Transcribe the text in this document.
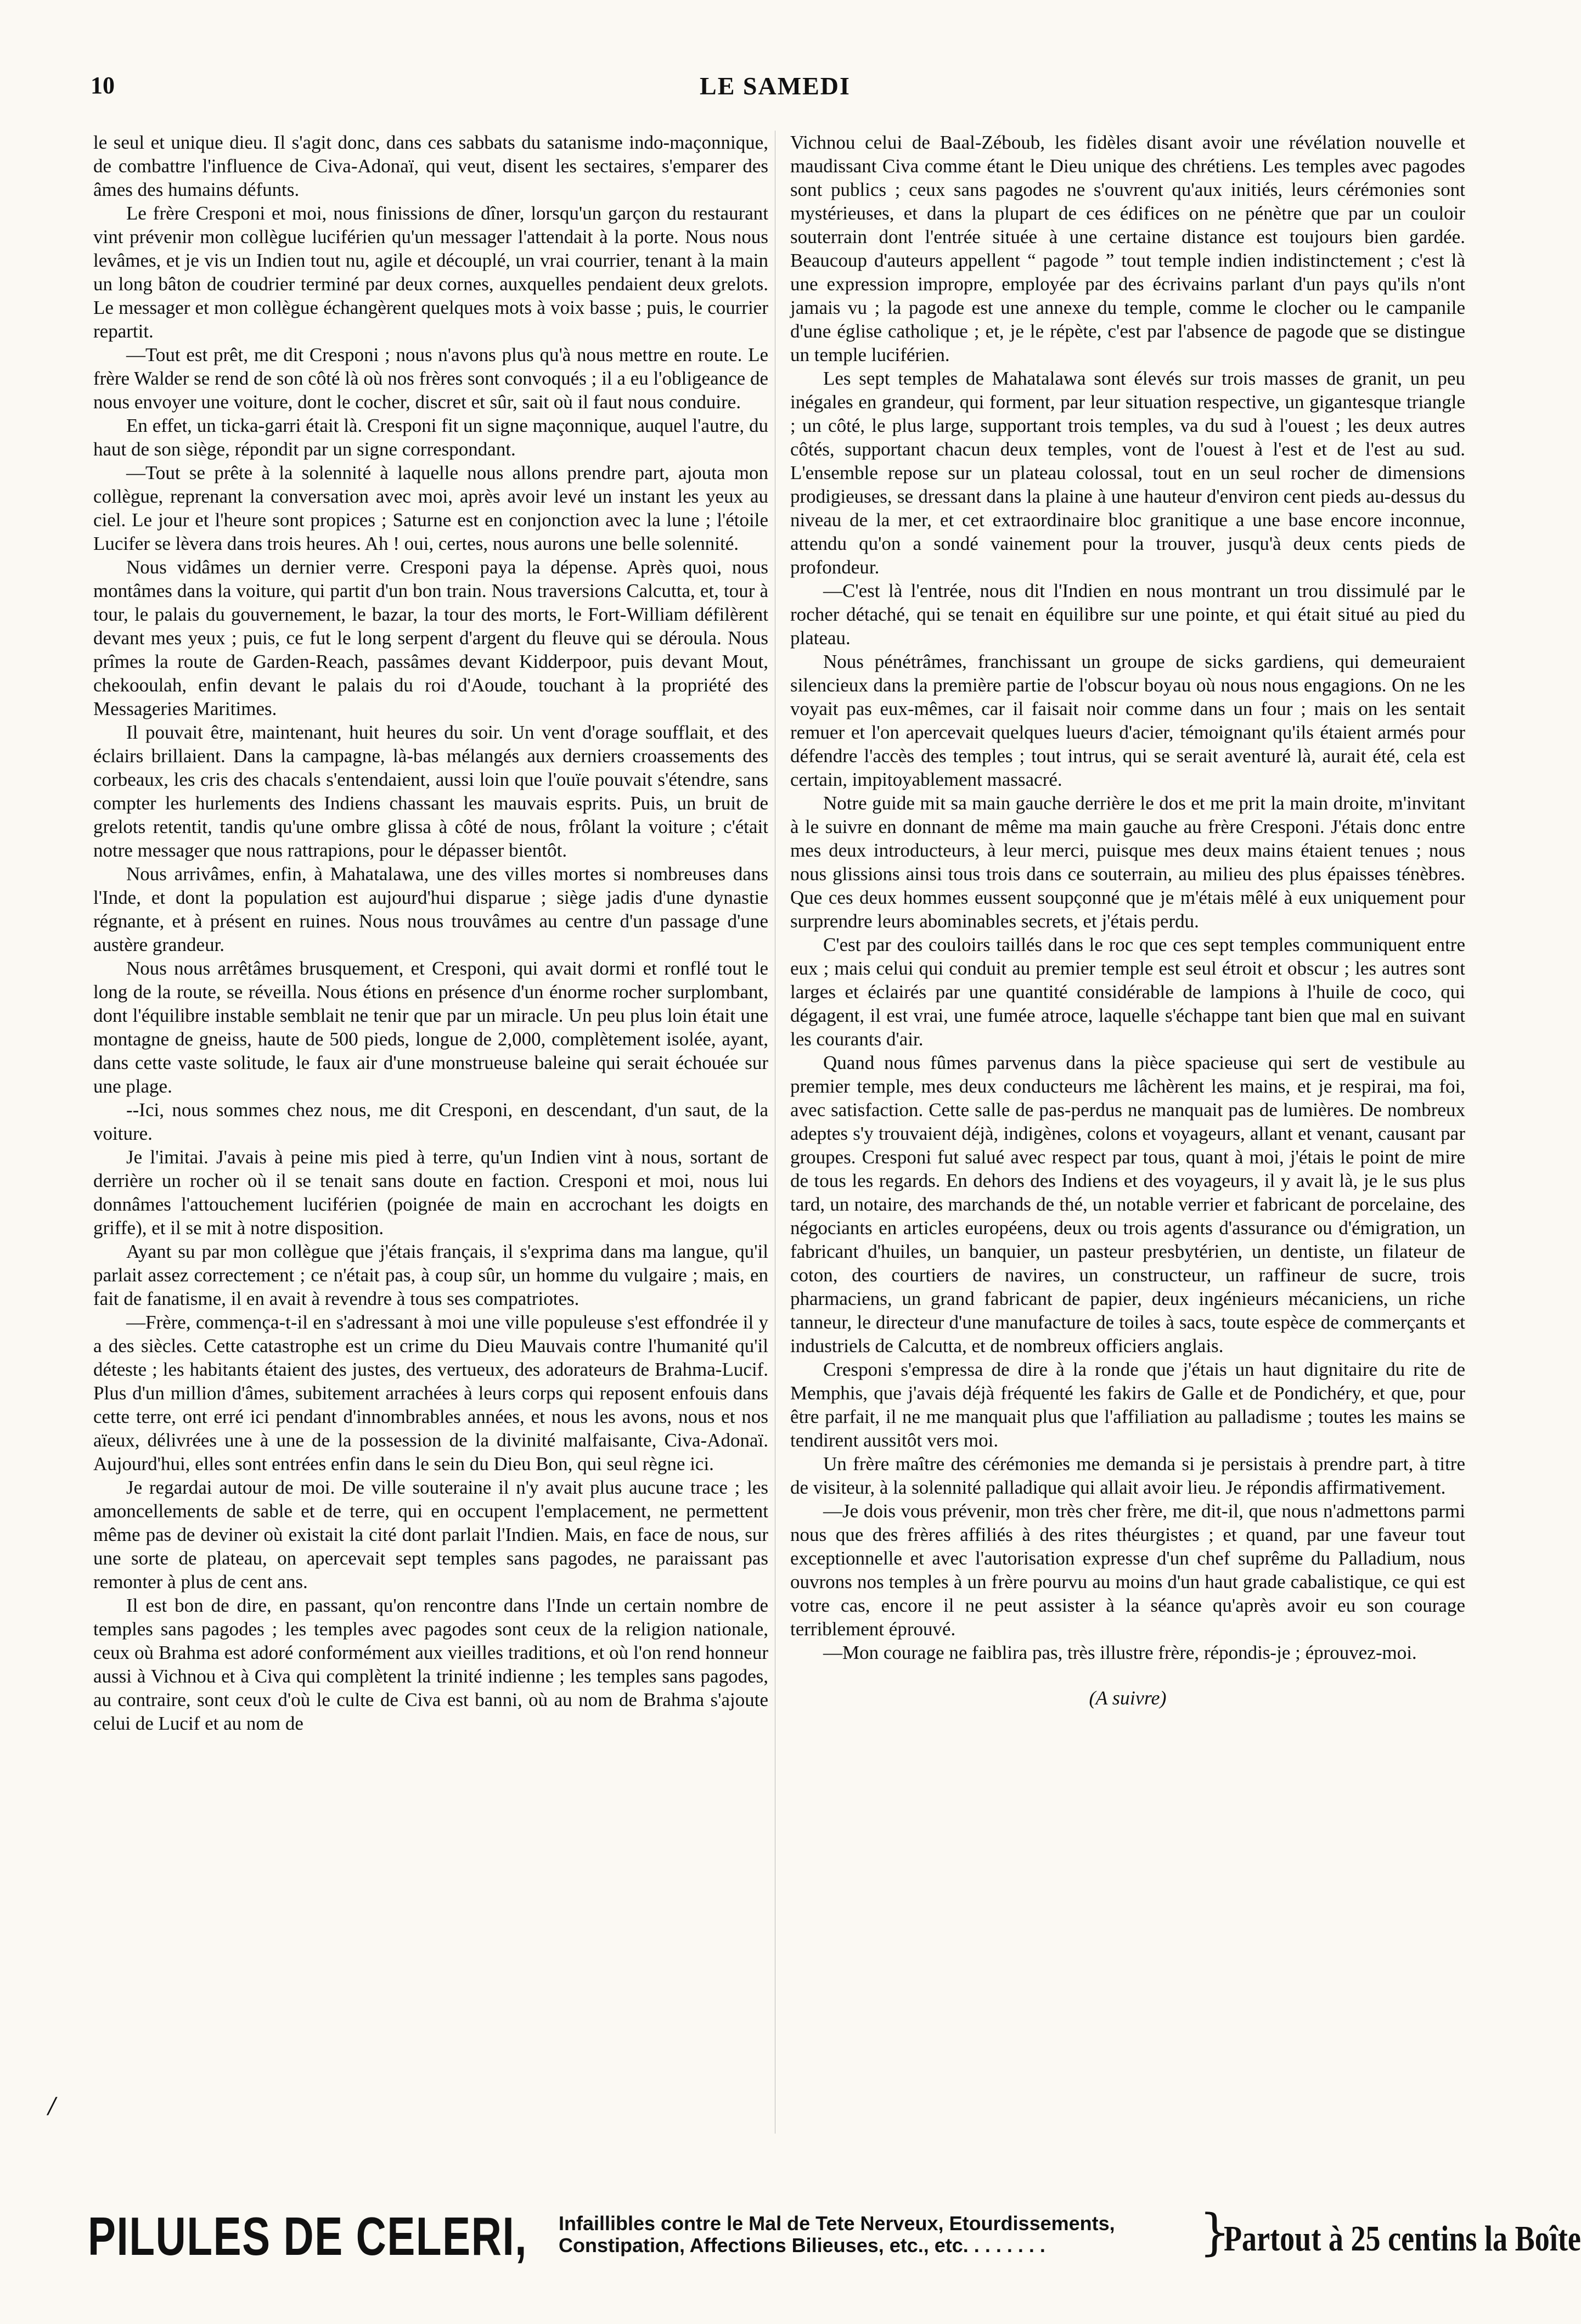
LE SAMEDI
10

le seul et unique dieu. Il s'agit donc, dans ces sabbats du satanisme indo-maçonnique, de combattre l'influence de Civa-Adonaï, qui veut, disent les sectaires, s'emparer des âmes des humains défunts.

Le frère Cresponi et moi, nous finissions de dîner, lorsqu'un garçon du restaurant vint prévenir mon collègue luciférien qu'un messager l'attendait à la porte. Nous nous levâmes, et je vis un Indien tout nu, agile et découplé, un vrai courrier, tenant à la main un long bâton de coudrier terminé par deux cornes, auxquelles pendaient deux grelots. Le messager et mon collègue échangèrent quelques mots à voix basse ; puis, le courrier repartit.

—Tout est prêt, me dit Cresponi ; nous n'avons plus qu'à nous mettre en route. Le frère Walder se rend de son côté là où nos frères sont convoqués ; il a eu l'obligeance de nous envoyer une voiture, dont le cocher, discret et sûr, sait où il faut nous conduire.

En effet, un ticka-garri était là. Cresponi fit un signe maçonnique, auquel l'autre, du haut de son siège, répondit par un signe correspondant.

—Tout se prête à la solennité à laquelle nous allons prendre part, ajouta mon collègue, reprenant la conversation avec moi, après avoir levé un instant les yeux au ciel. Le jour et l'heure sont propices ; Saturne est en conjonction avec la lune ; l'étoile Lucifer se lèvera dans trois heures. Ah ! oui, certes, nous aurons une belle solennité.

Nous vidâmes un dernier verre. Cresponi paya la dépense. Après quoi, nous montâmes dans la voiture, qui partit d'un bon train. Nous traversions Calcutta, et, tour à tour, le palais du gouvernement, le bazar, la tour des morts, le Fort-William défilèrent devant mes yeux ; puis, ce fut le long serpent d'argent du fleuve qui se déroula. Nous prîmes la route de Garden-Reach, passâmes devant Kidderpoor, puis devant Mout, chekooulah, enfin devant le palais du roi d'Aoude, touchant à la propriété des Messageries Maritimes.

Il pouvait être, maintenant, huit heures du soir. Un vent d'orage soufflait, et des éclairs brillaient. Dans la campagne, là-bas mélangés aux derniers croassements des corbeaux, les cris des chacals s'entendaient, aussi loin que l'ouïe pouvait s'étendre, sans compter les hurlements des Indiens chassant les mauvais esprits. Puis, un bruit de grelots retentit, tandis qu'une ombre glissa à côté de nous, frôlant la voiture ; c'était notre messager que nous rattrapions, pour le dépasser bientôt.

Nous arrivâmes, enfin, à Mahatalawa, une des villes mortes si nombreuses dans l'Inde, et dont la population est aujourd'hui disparue ; siège jadis d'une dynastie régnante, et à présent en ruines. Nous nous trouvâmes au centre d'un passage d'une austère grandeur.

Nous nous arrêtâmes brusquement, et Cresponi, qui avait dormi et ronflé tout le long de la route, se réveilla. Nous étions en présence d'un énorme rocher surplombant, dont l'équilibre instable semblait ne tenir que par un miracle. Un peu plus loin était une montagne de gneiss, haute de 500 pieds, longue de 2,000, complètement isolée, ayant, dans cette vaste solitude, le faux air d'une monstrueuse baleine qui serait échouée sur une plage.

--Ici, nous sommes chez nous, me dit Cresponi, en descendant, d'un saut, de la voiture.

Je l'imitai. J'avais à peine mis pied à terre, qu'un Indien vint à nous, sortant de derrière un rocher où il se tenait sans doute en faction. Cresponi et moi, nous lui donnâmes l'attouchement luciférien (poignée de main en accrochant les doigts en griffe), et il se mit à notre disposition.

Ayant su par mon collègue que j'étais français, il s'exprima dans ma langue, qu'il parlait assez correctement ; ce n'était pas, à coup sûr, un homme du vulgaire ; mais, en fait de fanatisme, il en avait à revendre à tous ses compatriotes.

—Frère, commença-t-il en s'adressant à moi une ville populeuse s'est effondrée il y a des siècles. Cette catastrophe est un crime du Dieu Mauvais contre l'humanité qu'il déteste ; les habitants étaient des justes, des vertueux, des adorateurs de Brahma-Lucif. Plus d'un million d'âmes, subitement arrachées à leurs corps qui reposent enfouis dans cette terre, ont erré ici pendant d'innombrables années, et nous les avons, nous et nos aïeux, délivrées une à une de la possession de la divinité malfaisante, Civa-Adonaï. Aujourd'hui, elles sont entrées enfin dans le sein du Dieu Bon, qui seul règne ici.

Je regardai autour de moi. De ville souteraine il n'y avait plus aucune trace ; les amoncellements de sable et de terre, qui en occupent l'emplacement, ne permettent même pas de deviner où existait la cité dont parlait l'Indien. Mais, en face de nous, sur une sorte de plateau, on apercevait sept temples sans pagodes, ne paraissant pas remonter à plus de cent ans.

Il est bon de dire, en passant, qu'on rencontre dans l'Inde un certain nombre de temples sans pagodes ; les temples avec pagodes sont ceux de la religion nationale, ceux où Brahma est adoré conformément aux vieilles traditions, et où l'on rend honneur aussi à Vichnou et à Civa qui complètent la trinité indienne ; les temples sans pagodes, au contraire, sont ceux d'où le culte de Civa est banni, où au nom de Brahma s'ajoute celui de Lucif et au nom de

Vichnou celui de Baal-Zéboub, les fidèles disant avoir une révélation nouvelle et maudissant Civa comme étant le Dieu unique des chrétiens. Les temples avec pagodes sont publics ; ceux sans pagodes ne s'ouvrent qu'aux initiés, leurs cérémonies sont mystérieuses, et dans la plupart de ces édifices on ne pénètre que par un couloir souterrain dont l'entrée située à une certaine distance est toujours bien gardée. Beaucoup d'auteurs appellent “ pagode ” tout temple indien indistinctement ; c'est là une expression impropre, employée par des écrivains parlant d'un pays qu'ils n'ont jamais vu ; la pagode est une annexe du temple, comme le clocher ou le campanile d'une église catholique ; et, je le répète, c'est par l'absence de pagode que se distingue un temple luciférien.

Les sept temples de Mahatalawa sont élevés sur trois masses de granit, un peu inégales en grandeur, qui forment, par leur situation respective, un gigantesque triangle ; un côté, le plus large, supportant trois temples, va du sud à l'ouest ; les deux autres côtés, supportant chacun deux temples, vont de l'ouest à l'est et de l'est au sud. L'ensemble repose sur un plateau colossal, tout en un seul rocher de dimensions prodigieuses, se dressant dans la plaine à une hauteur d'environ cent pieds au-dessus du niveau de la mer, et cet extraordinaire bloc granitique a une base encore inconnue, attendu qu'on a sondé vainement pour la trouver, jusqu'à deux cents pieds de profondeur.

—C'est là l'entrée, nous dit l'Indien en nous montrant un trou dissimulé par le rocher détaché, qui se tenait en équilibre sur une pointe, et qui était situé au pied du plateau.

Nous pénétrâmes, franchissant un groupe de sicks gardiens, qui demeuraient silencieux dans la première partie de l'obscur boyau où nous nous engagions. On ne les voyait pas eux-mêmes, car il faisait noir comme dans un four ; mais on les sentait remuer et l'on apercevait quelques lueurs d'acier, témoignant qu'ils étaient armés pour défendre l'accès des temples ; tout intrus, qui se serait aventuré là, aurait été, cela est certain, impitoyablement massacré.

Notre guide mit sa main gauche derrière le dos et me prit la main droite, m'invitant à le suivre en donnant de même ma main gauche au frère Cresponi. J'étais donc entre mes deux introducteurs, à leur merci, puisque mes deux mains étaient tenues ; nous nous glissions ainsi tous trois dans ce souterrain, au milieu des plus épaisses ténèbres. Que ces deux hommes eussent soupçonné que je m'étais mêlé à eux uniquement pour surprendre leurs abominables secrets, et j'étais perdu.

C'est par des couloirs taillés dans le roc que ces sept temples communiquent entre eux ; mais celui qui conduit au premier temple est seul étroit et obscur ; les autres sont larges et éclairés par une quantité considérable de lampions à l'huile de coco, qui dégagent, il est vrai, une fumée atroce, laquelle s'échappe tant bien que mal en suivant les courants d'air.

Quand nous fûmes parvenus dans la pièce spacieuse qui sert de vestibule au premier temple, mes deux conducteurs me lâchèrent les mains, et je respirai, ma foi, avec satisfaction. Cette salle de pas-perdus ne manquait pas de lumières. De nombreux adeptes s'y trouvaient déjà, indigènes, colons et voyageurs, allant et venant, causant par groupes. Cresponi fut salué avec respect par tous, quant à moi, j'étais le point de mire de tous les regards. En dehors des Indiens et des voyageurs, il y avait là, je le sus plus tard, un notaire, des marchands de thé, un notable verrier et fabricant de porcelaine, des négociants en articles européens, deux ou trois agents d'assurance ou d'émigration, un fabricant d'huiles, un banquier, un pasteur presbytérien, un dentiste, un filateur de coton, des courtiers de navires, un constructeur, un raffineur de sucre, trois pharmaciens, un grand fabricant de papier, deux ingénieurs mécaniciens, un riche tanneur, le directeur d'une manufacture de toiles à sacs, toute espèce de commerçants et industriels de Calcutta, et de nombreux officiers anglais.

Cresponi s'empressa de dire à la ronde que j'étais un haut dignitaire du rite de Memphis, que j'avais déjà fréquenté les fakirs de Galle et de Pondichéry, et que, pour être parfait, il ne me manquait plus que l'affiliation au palladisme ; toutes les mains se tendirent aussitôt vers moi.

Un frère maître des cérémonies me demanda si je persistais à prendre part, à titre de visiteur, à la solennité palladique qui allait avoir lieu. Je répondis affirmativement.

—Je dois vous prévenir, mon très cher frère, me dit-il, que nous n'admettons parmi nous que des frères affiliés à des rites théurgistes ; et quand, par une faveur tout exceptionnelle et avec l'autorisation expresse d'un chef suprême du Palladium, nous ouvrons nos temples à un frère pourvu au moins d'un haut grade cabalistique, ce qui est votre cas, encore il ne peut assister à la séance qu'après avoir eu son courage terriblement éprouvé.

—Mon courage ne faiblira pas, très illustre frère, répondis-je ; éprouvez-moi.

(A suivre)
/
PILULES DE CELERI, Infaillibles contre le Mal de Tete Nerveux, Etourdissements,
Constipation, Affections Bilieuses, etc., etc. . . . . . . .	}
Partout à 25 centins la Boîte
